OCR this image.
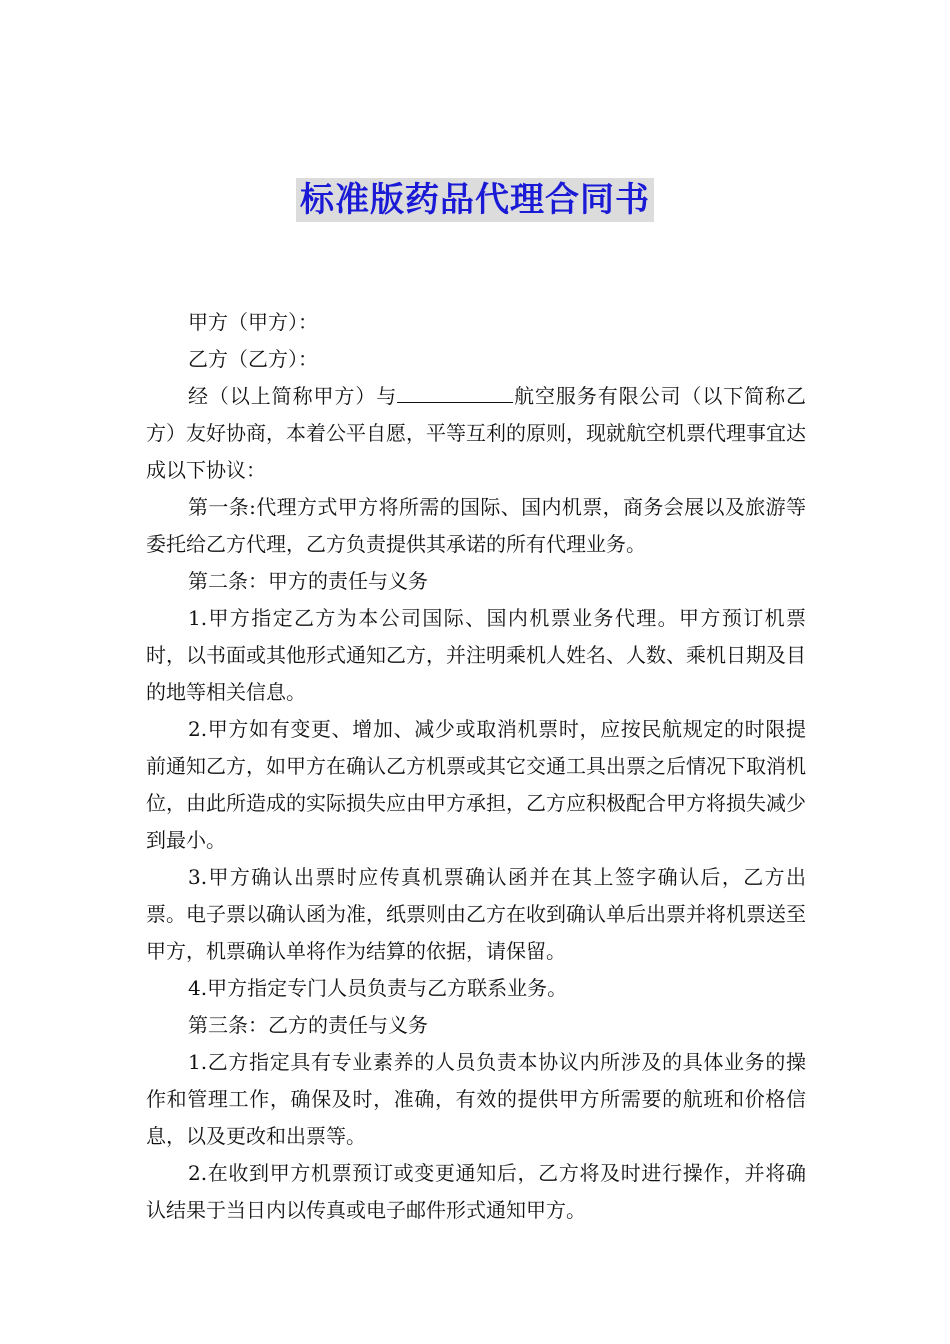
标准版药品代理合同书

甲方（甲方）：

乙方（乙方）：

经（以上简称甲方）与	航空服务有限公司（以下简称乙方）友好协商，本着公平自愿，平等互利的原则，现就航空机票代理事宜达成以下协议：

第一条:代理方式甲方将所需的国际、国内机票，商务会展以及旅游等委托给乙方代理，乙方负责提供其承诺的所有代理业务。

第二条：甲方的责任与义务

1.甲方指定乙方为本公司国际、国内机票业务代理。甲方预订机票时，以书面或其他形式通知乙方，并注明乘机人姓名、人数、乘机日期及目的地等相关信息。

2.甲方如有变更、增加、减少或取消机票时，应按民航规定的时限提前通知乙方，如甲方在确认乙方机票或其它交通工具出票之后情况下取消机位，由此所造成的实际损失应由甲方承担，乙方应积极配合甲方将损失减少到最小。

3.甲方确认出票时应传真机票确认函并在其上签字确认后，乙方出票。电子票以确认函为准，纸票则由乙方在收到确认单后出票并将机票送至甲方，机票确认单将作为结算的依据，请保留。

4.甲方指定专门人员负责与乙方联系业务。

第三条：乙方的责任与义务

1.乙方指定具有专业素养的人员负责本协议内所涉及的具体业务的操作和管理工作，确保及时，准确，有效的提供甲方所需要的航班和价格信息，以及更改和出票等。

2.在收到甲方机票预订或变更通知后，乙方将及时进行操作，并将确认结果于当日内以传真或电子邮件形式通知甲方。
